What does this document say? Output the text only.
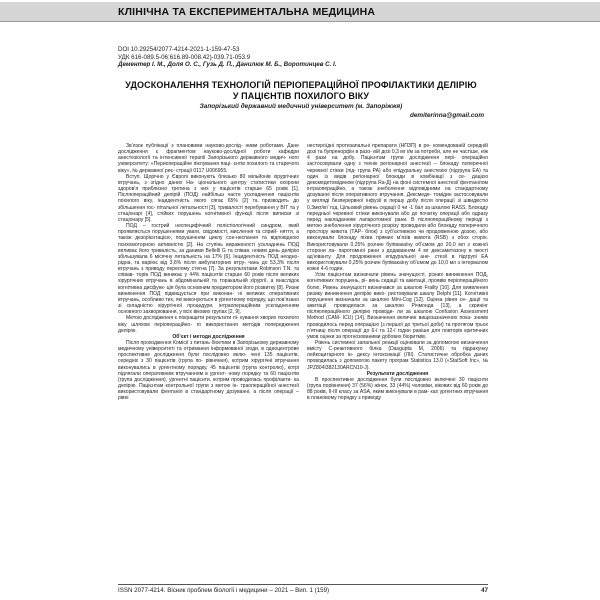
КЛІНІЧНА ТА ЕКСПЕРИМЕНТАЛЬНА МЕДИЦИНА
DOI 10.29254/2077-4214-2021-1-159-47-53
УДК 616-089.5-06:616.89-008.42)-039.71-053.9
Дементер І. М., Доля О. С., Гузь Д. П., Данилюк М. Б., Воротинцев С. І.
УДОСКОНАЛЕННЯ ТЕХНОЛОГІЙ ПЕРІОПЕРАЦІЙНОЇ ПРОФІЛАКТИКИ ДЕЛІРІЮ
У ПАЦІЄНТІВ ПОХИЛОГО ВІКУ
Запорізький державний медичний університет (м. Запоріжжя)
demiterinna@gmail.com

Зв’язок публікації з плановими науково-дослід- ними роботами. Дане дослідження є фрагментом науково-дослідної роботи кафедри анестезіології та інтенсивної терапії Запорізького державного медич- ного університету: «Периопераційне піклування паці- єнтів похилого та старечого віку», № державної реє- страції 0117 U006955.

Вступ. Щорічно у Європі виконують близько 80 мільйонів хірургічних втручань, з згідно даних На- ціонального центру статистики охорони здоров’я приблизно третина з них у пацієнтів старше 65 років [1]. Післяопераційний делірій (ПОД) найбільш часте ускладнення пацієнтів похилого віку, інцидентність якого сягає 65% [2] та призводить до збільшення гос- пітальної летальності [3], тривалості перебування у ВІТ та у стаціонарі [4], стійких порушень когнітивної функції після виписки зі стаціонару [5].

ПОД – гострий неспецифічний полієтіологічний синдром, який проявляється порушеннями уваги, свідомості, мислення та сприй- няття, а також дезорієнтацією, порушенням циклу сон-неспання та відповідною психомоторною активністю [2]. На ступінь вираженості ускладнень ПОД впливає його тривалість, за даними Bellelli G та співав. новим день делірію збільшувала 6 місячну летальність на 17% [6]. Інцидентність ПОД неодно- рідна, та варіює від 3,6% після амбулаторних втру- чань до 53,3% після втручань з приводу перелому стегна [7]. За результатами Robinson T.N. та співав- торів ПОД виникає у 44% пацієнтів старше 60 років після великих хірургічних втручань в абдомінальній та торакальній хірургії, а внаслідок когнітивна дисфунк- ція була основним предиктором його розвитку [8]. Ризик виникнення ПОД підвищується при виконан- ні великих оперативних втручань, особливо тих, які виконуються в ургентному порядку, що пов’язано зі складністю хірургічної процедури, інтраопераційним ускладненням основного захворювання, у всіх вікових групах [2, 9].

Метою дослідження є покращити результати лі- кування хворих похилого віку шляхом періопераційно- го використання методів попередження делірію.

Об’єкт і методи дослідження

Після проходження Комісії з питань біоетики в Запорізькому державному медичному університеті та отримання інформованої згоди, в одноцентрове проспективне дослідження були послідовно вклю- чені 135 пацієнтів, середніх з 30 пацієнтів (група по- рівняння), котрим хірургічні втручання виконувались в ургентному порядку, 45 пацієнтів (група контролю), котрі підлягали оперативним втручанням в ургент- ному порядку та 60 пацієнтів (група дослідження), ургентні пацієнти, котрим проводилась профілакти- ка делірію. Пацієнтам контрольної групи з метою ін- траопераційної анестезії використовували фентаніл в стандартному дозуванні, а після операції – рівні

нестероїдні протизапальні препарати (НПЗП) в ре- комендованій середній дозі та бупренорфін в разо- вій дозі 0,3 мг і/м за потреби, але не частіше, ніж 4 рази на добу. Пацієнтам групи дослідження пері- операційно застосовували одну з технік регіонарної анестезії – блокаду поперечної черевної стінки (під- група РА) або епідуральну анестезію (підгрупа ЕА) та один із видів регіонарної блокади в комбінації з се- дацією дексмедетомідином (підгрупа Rа-Д) на фоні системної анестезії фентанілом інтраопераційно, а також знеболення відповідними на стандартному дозуванні після оперативного втручання. Дексмеде- томідин застосовували у вигляді безперервної інфузії в першу добу після операції зі швидкістю 0,3мкг/кг/ год. Цільовий рівень седації 0 чи -1 бал за шкалою RASS. Блокаду передньої черевної стінки виконували або до початку операції або одразу перед накладанням лапаротомної рани. В післяопераційному періоді з метою знеболення хірургічного розрізу проводили або блокаду поперечного простору живота (ТАР- блок) з суб’єктивною чи продовженою дозою, або виконували блокаду піхви прямих м’язів живота (RSB) з обох сторін. Використовували 0,25% розчин бупівакаїну об’ємом до 20,0 мл з кожної сторони ла- паротомної рани з додаванням 4 мг дексаметазону в якості ад’юванту. Для продовження епідуральної ане- стезії в підгрупі ЕА використовували 0,25% розчин бупівакаїну об’ємом до 10,0 мл з інтервалом кожні 4-6 годин.

Усім пацієнтам визначали рівень значущості, різних виникнення ПОД, когнітивних порушень, рі- вень седації та ажитації, проявів періопераційного болю. Рівень значущості визначався за шкалою Frailty [10]. Для виявлення ризику виникнення делірію вико- ристовували шкалу Delphi [11]. Когнітивні порушення визначали за шкалою Mini-Cog [12]. Оцінка рівня се- дації та ажитації проводилася за шкалою Річмонда [13], а скринінг післяопераційного делірію проводи- ли за шкалою Confusion Assessment Method (CAM- ICU) [14]. Визначення величин вищезазначених пока- зників проводилось перед операцією (з першої до третьої доби) та протягом трьох п’ятниці після операції до 6-ї та 12-ї годин раніше для повторів критичних умов оцінки за прогнозованими добових біоритмів.

Рівень системної запальної реакції оцінювали за допомогою визначення вмісту С-реактивного білка (Dasgupta M, 2006) та підрахунку лейкоцитарного ін- дексу інтоксикації (ЛІІ). Статистичне обробка даних проводилась з допомогою пакету програм Statistica 13.0 («StatSoft Inc», № JPZ804I382130ARCN10-J).

Результати дослідження

В проспективне дослідження були послідовно включені 30 пацієнти (група порівняння) 37 (56%) жінок, 33 (44%) чоловіки, вікових від 60 років до 88 років, ІІ-ІІІ класу за ASA, яким виконували в рам- ках ургентних втручання в плановому порядку з приводу

ISSN 2077-4214. Вісник проблем біології і медицини – 2021 – Вип. 1 (159)	47
